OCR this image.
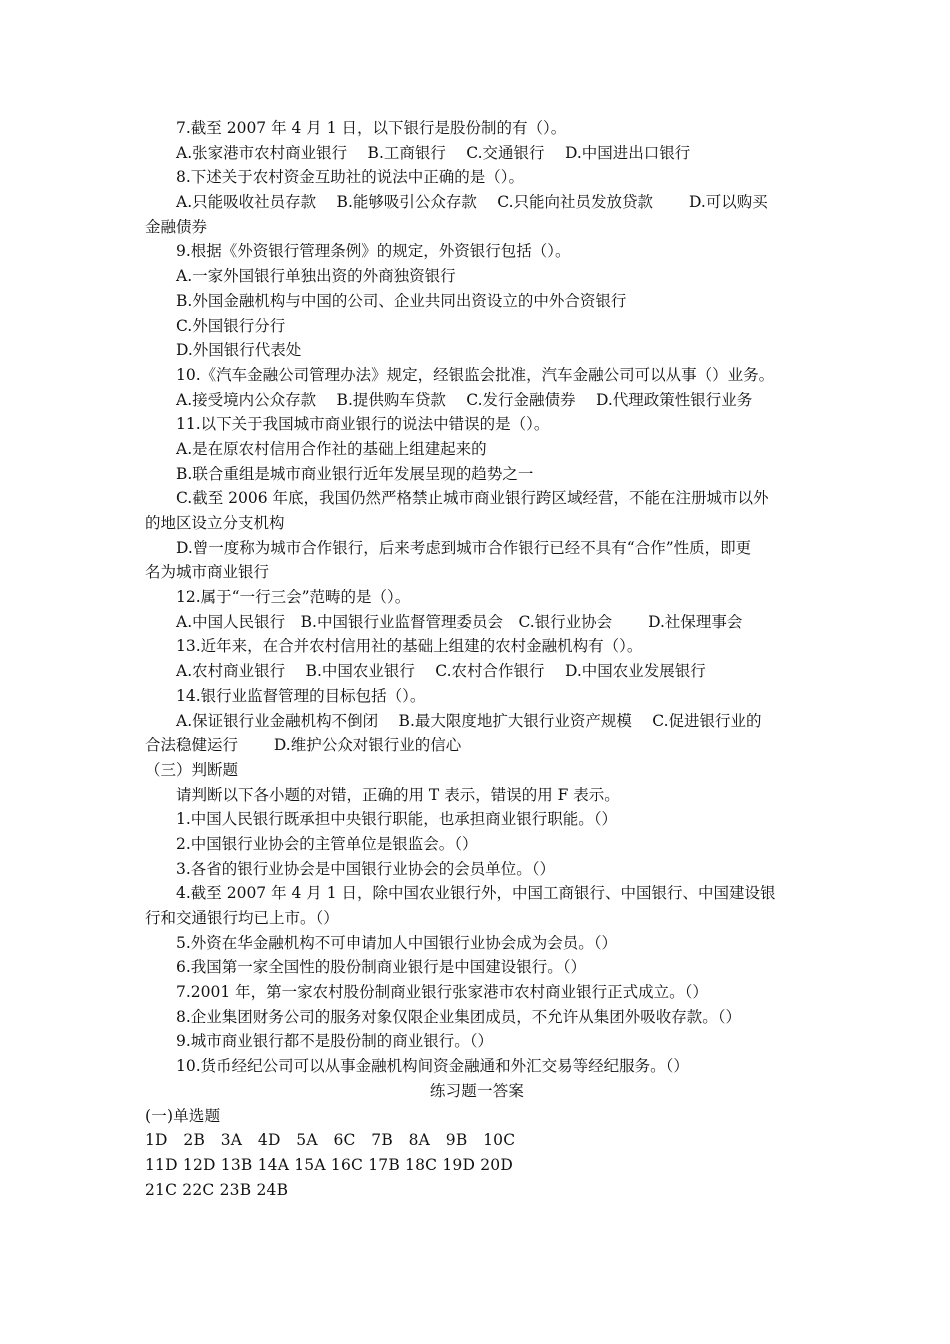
7.截至 2007 年 4 月 1 日，以下银行是股份制的有（）。
A.张家港市农村商业银行　 B.工商银行　 C.交通银行　 D.中国进出口银行
8.下述关于农村资金互助社的说法中正确的是（）。
A.只能吸收社员存款　 B.能够吸引公众存款　 C.只能向社员发放贷款　　 D.可以购买
金融债券
9.根据《外资银行管理条例》的规定，外资银行包括（）。
A.一家外国银行单独出资的外商独资银行
B.外国金融机构与中国的公司、企业共同出资设立的中外合资银行
C.外国银行分行
D.外国银行代表处
10.《汽车金融公司管理办法》规定，经银监会批准，汽车金融公司可以从事（）业务。
A.接受境内公众存款　 B.提供购车贷款　 C.发行金融债券　 D.代理政策性银行业务
11.以下关于我国城市商业银行的说法中错误的是（）。
A.是在原农村信用合作社的基础上组建起来的
B.联合重组是城市商业银行近年发展呈现的趋势之一
C.截至 2006 年底，我国仍然严格禁止城市商业银行跨区域经营，不能在注册城市以外
的地区设立分支机构
D.曾一度称为城市合作银行，后来考虑到城市合作银行已经不具有“合作”性质，即更
名为城市商业银行
12.属于“一行三会”范畴的是（）。
A.中国人民银行　B.中国银行业监督管理委员会　C.银行业协会　　 D.社保理事会
13.近年来，在合并农村信用社的基础上组建的农村金融机构有（）。
A.农村商业银行　 B.中国农业银行　 C.农村合作银行　 D.中国农业发展银行
14.银行业监督管理的目标包括（）。
A.保证银行业金融机构不倒闭　 B.最大限度地扩大银行业资产规模　 C.促进银行业的
合法稳健运行　　 D.维护公众对银行业的信心
（三）判断题
请判断以下各小题的对错，正确的用 T 表示，错误的用 F 表示。
1.中国人民银行既承担中央银行职能，也承担商业银行职能。（）
2.中国银行业协会的主管单位是银监会。（）
3.各省的银行业协会是中国银行业协会的会员单位。（）
4.截至 2007 年 4 月 1 日，除中国农业银行外，中国工商银行、中国银行、中国建设银
行和交通银行均已上市。（）
5.外资在华金融机构不可申请加人中国银行业协会成为会员。（）
6.我国第一家全国性的股份制商业银行是中国建设银行。（）
7.2001 年，第一家农村股份制商业银行张家港市农村商业银行正式成立。（）
8.企业集团财务公司的服务对象仅限企业集团成员，不允许从集团外吸收存款。（）
9.城市商业银行都不是股份制的商业银行。（）
10.货币经纪公司可以从事金融机构间资金融通和外汇交易等经纪服务。（）
练习题一答案
(一)单选题
1D　2B　3A　4D　5A　6C　7B　8A　9B　10C
11D 12D 13B 14A 15A 16C 17B 18C 19D 20D
21C 22C 23B 24B
